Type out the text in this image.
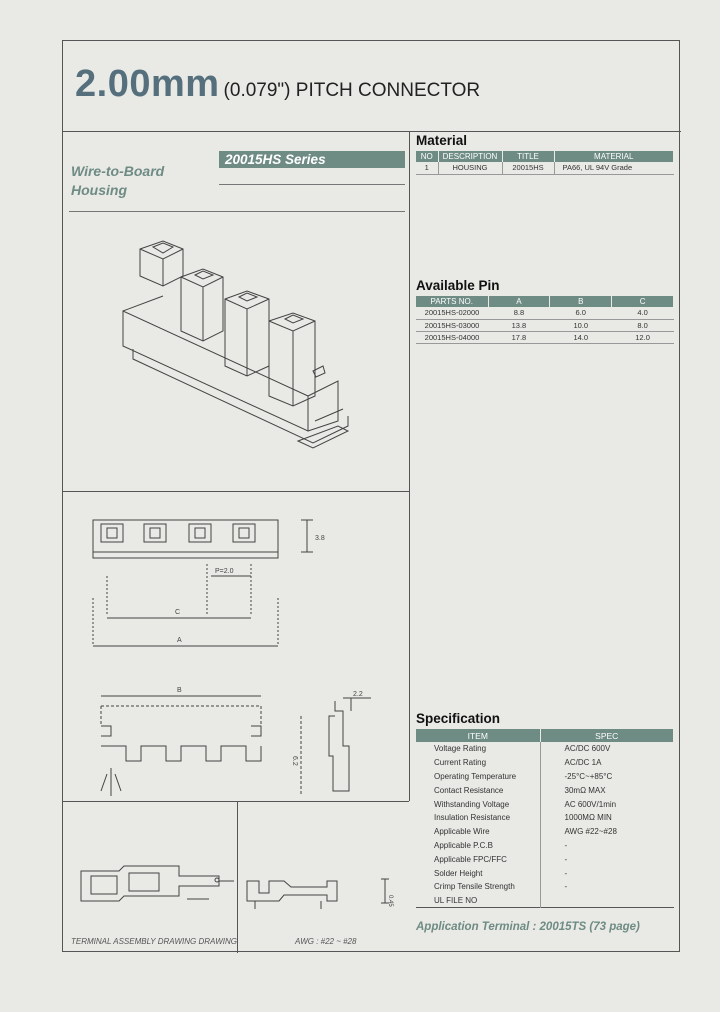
2.00mm (0.079") PITCH CONNECTOR
Wire-to-Board
Housing
20015HS Series
3.8
P=2.0
C
A
B
6.2
2.2
0.45
TERMINAL ASSEMBLY DRAWING DRAWING	AWG : #22 ~ #28
Material
NO	DESCRIPTION	TITLE	MATERIAL
1	HOUSING	20015HS	PA66, UL 94V Grade
Available Pin
PARTS NO.	A	B	C
20015HS-02000	8.8	6.0	4.0
20015HS-03000	13.8	10.0	8.0
20015HS-04000	17.8	14.0	12.0
Specification
ITEM	SPEC
Voltage Rating	AC/DC 600V
Current Rating	AC/DC 1A
Operating Temperature	-25°C~+85°C
Contact Resistance	30mΩ MAX
Withstanding Voltage	AC 600V/1min
Insulation Resistance	1000MΩ MIN
Applicable Wire	AWG #22~#28
Applicable P.C.B	-
Applicable FPC/FFC	-
Solder Height	-
Crimp Tensile Strength	-
UL FILE NO	
Application Terminal : 20015TS (73 page)
